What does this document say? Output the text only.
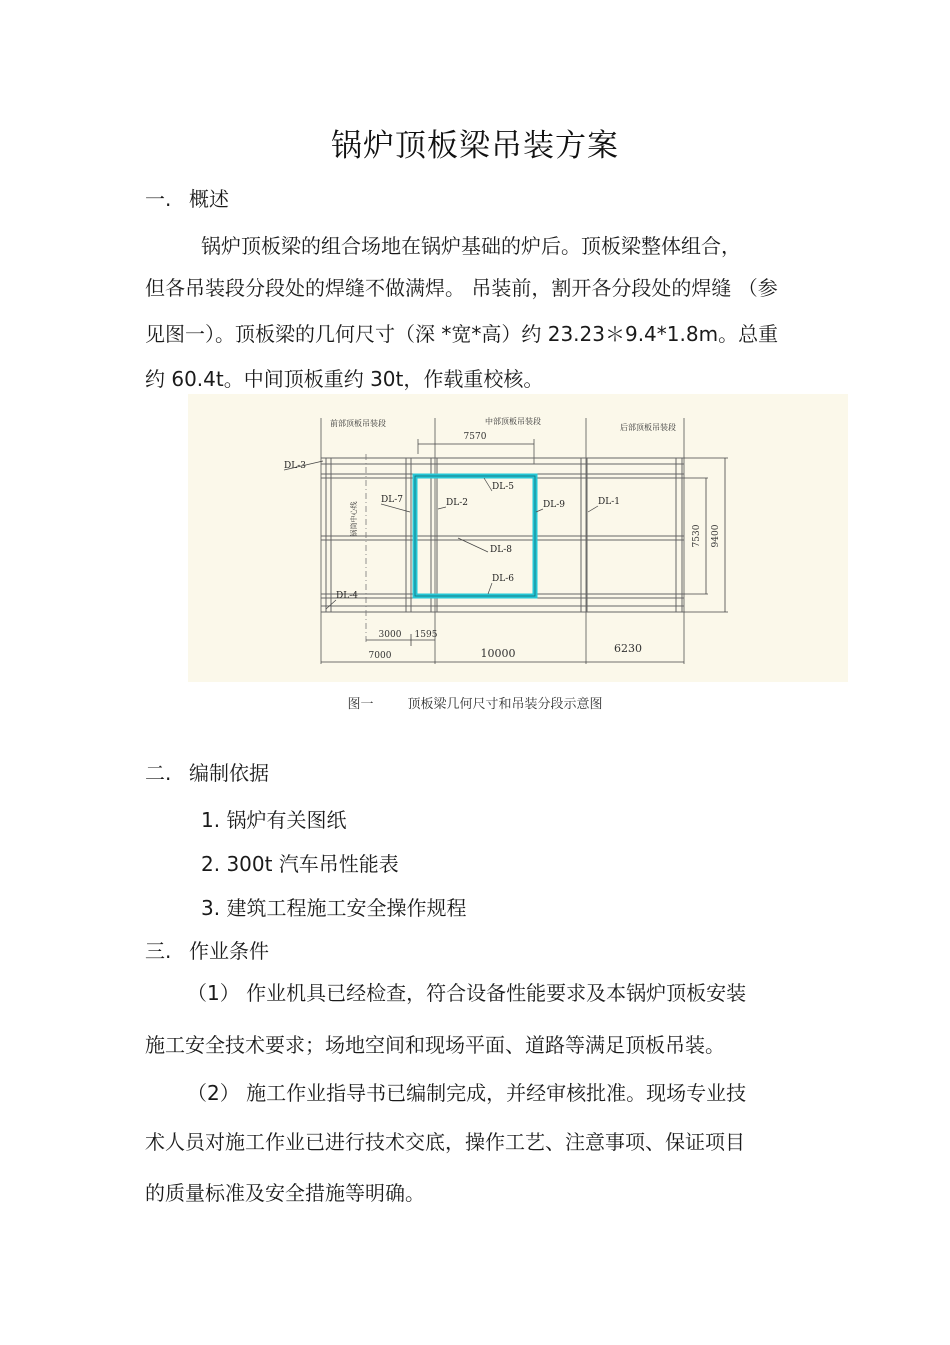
锅炉顶板梁吊装方案
一. 概述
锅炉顶板梁的组合场地在锅炉基础的炉后。顶板梁整体组合，
但各吊装段分段处的焊缝不做满焊。 吊装前，割开各分段处的焊缝 （参
见图一）。顶板梁的几何尺寸（深 *宽*高）约 23.23＊9.4*1.8m。总重
约 60.4t。中间顶板重约 30t，作载重校核。
前部顶板吊装段	中部顶板吊装段
后部顶板吊装段
7570
锅筒中心线
DL-3
DL-7	DL-2
DL-5
DL-9	DL-1
DL-8
DL-6
DL-4
7530 9400
3000 1595
7000	10000	6230
图一	顶板梁几何尺寸和吊装分段示意图
二. 编制依据
1. 锅炉有关图纸
2. 300t 汽车吊性能表
3. 建筑工程施工安全操作规程
三. 作业条件
（1） 作业机具已经检查，符合设备性能要求及本锅炉顶板安装
施工安全技术要求；场地空间和现场平面、道路等满足顶板吊装。
（2） 施工作业指导书已编制完成，并经审核批准。现场专业技
术人员对施工作业已进行技术交底，操作工艺、注意事项、保证项目
的质量标准及安全措施等明确。
